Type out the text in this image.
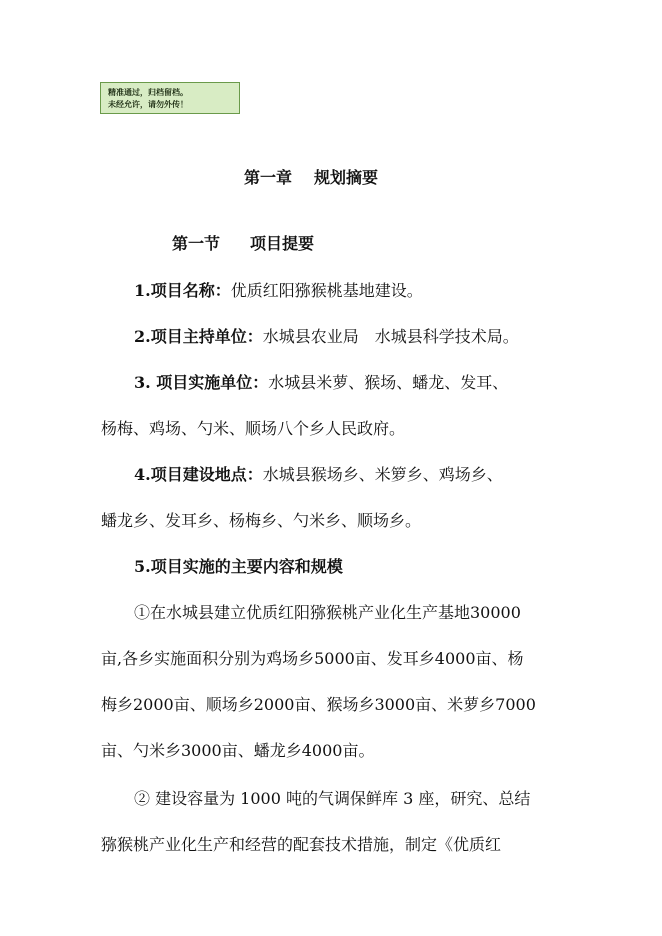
精准通过，归档留档。
未经允许，请勿外传！
第一章 规划摘要
第一节 项目提要
1.项目名称：优质红阳猕猴桃基地建设。
2.项目主持单位：水城县农业局　水城县科学技术局。
3. 项目实施单位：水城县米萝、猴场、蟠龙、发耳、
杨梅、鸡场、勺米、顺场八个乡人民政府。
4.项目建设地点：水城县猴场乡、米箩乡、鸡场乡、
蟠龙乡、发耳乡、杨梅乡、勺米乡、顺场乡。
5.项目实施的主要内容和规模
①在水城县建立优质红阳猕猴桃产业化生产基地30000
亩,各乡实施面积分别为鸡场乡5000亩、发耳乡4000亩、杨
梅乡2000亩、顺场乡2000亩、猴场乡3000亩、米萝乡7000
亩、勺米乡3000亩、蟠龙乡4000亩。
② 建设容量为 1000 吨的气调保鲜库 3 座，研究、总结
猕猴桃产业化生产和经营的配套技术措施，制定《优质红
